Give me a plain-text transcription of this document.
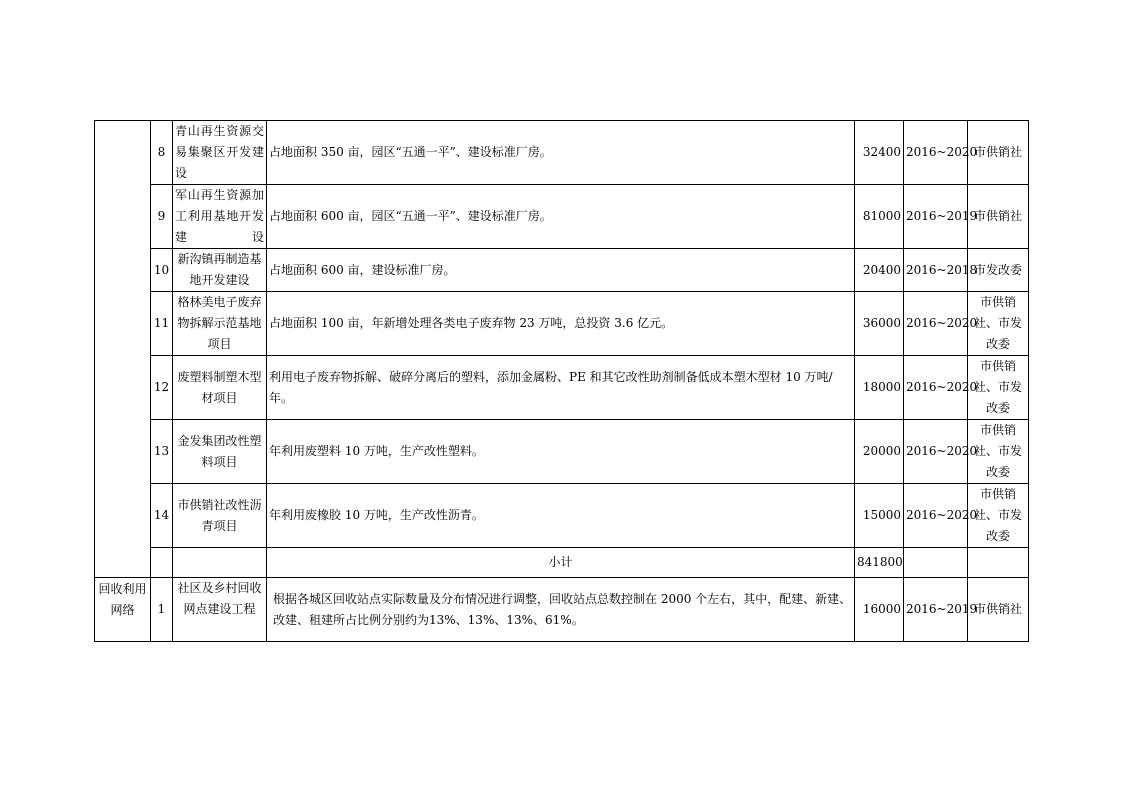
	8	青山再生资源交易集聚区开发建设	占地面积 350 亩，园区“五通一平”、建设标准厂房。	32400	2016~2020	市供销社
	9	军山再生资源加工利用基地开发建设	占地面积 600 亩，园区“五通一平”、建设标准厂房。	81000	2016~2019	市供销社
	10	新沟镇再制造基地开发建设	占地面积 600 亩，建设标准厂房。	20400	2016~2018	市发改委
	11	格林美电子废弃物拆解示范基地项目	占地面积 100 亩，年新增处理各类电子废弃物 23 万吨，总投资 3.6 亿元。	36000	2016~2020	市供销社、市发改委
	12	废塑料制塑木型材项目	利用电子废弃物拆解、破碎分离后的塑料，添加金属粉、PE 和其它改性助剂制备低成本塑木型材 10 万吨/年。	18000	2016~2020	市供销社、市发改委
	13	金发集团改性塑料项目	年利用废塑料 10 万吨，生产改性塑料。	20000	2016~2020	市供销社、市发改委
	14	市供销社改性沥青项目	年利用废橡胶 10 万吨，生产改性沥青。	15000	2016~2020	市供销社、市发改委
			小计	841800		
回收利用网络	1	社区及乡村回收网点建设工程	根据各城区回收站点实际数量及分布情况进行调整，回收站点总数控制在 2000 个左右，其中，配建、新建、改建、租建所占比例分别约为13%、13%、13%、61%。	16000	2016~2019	市供销社
